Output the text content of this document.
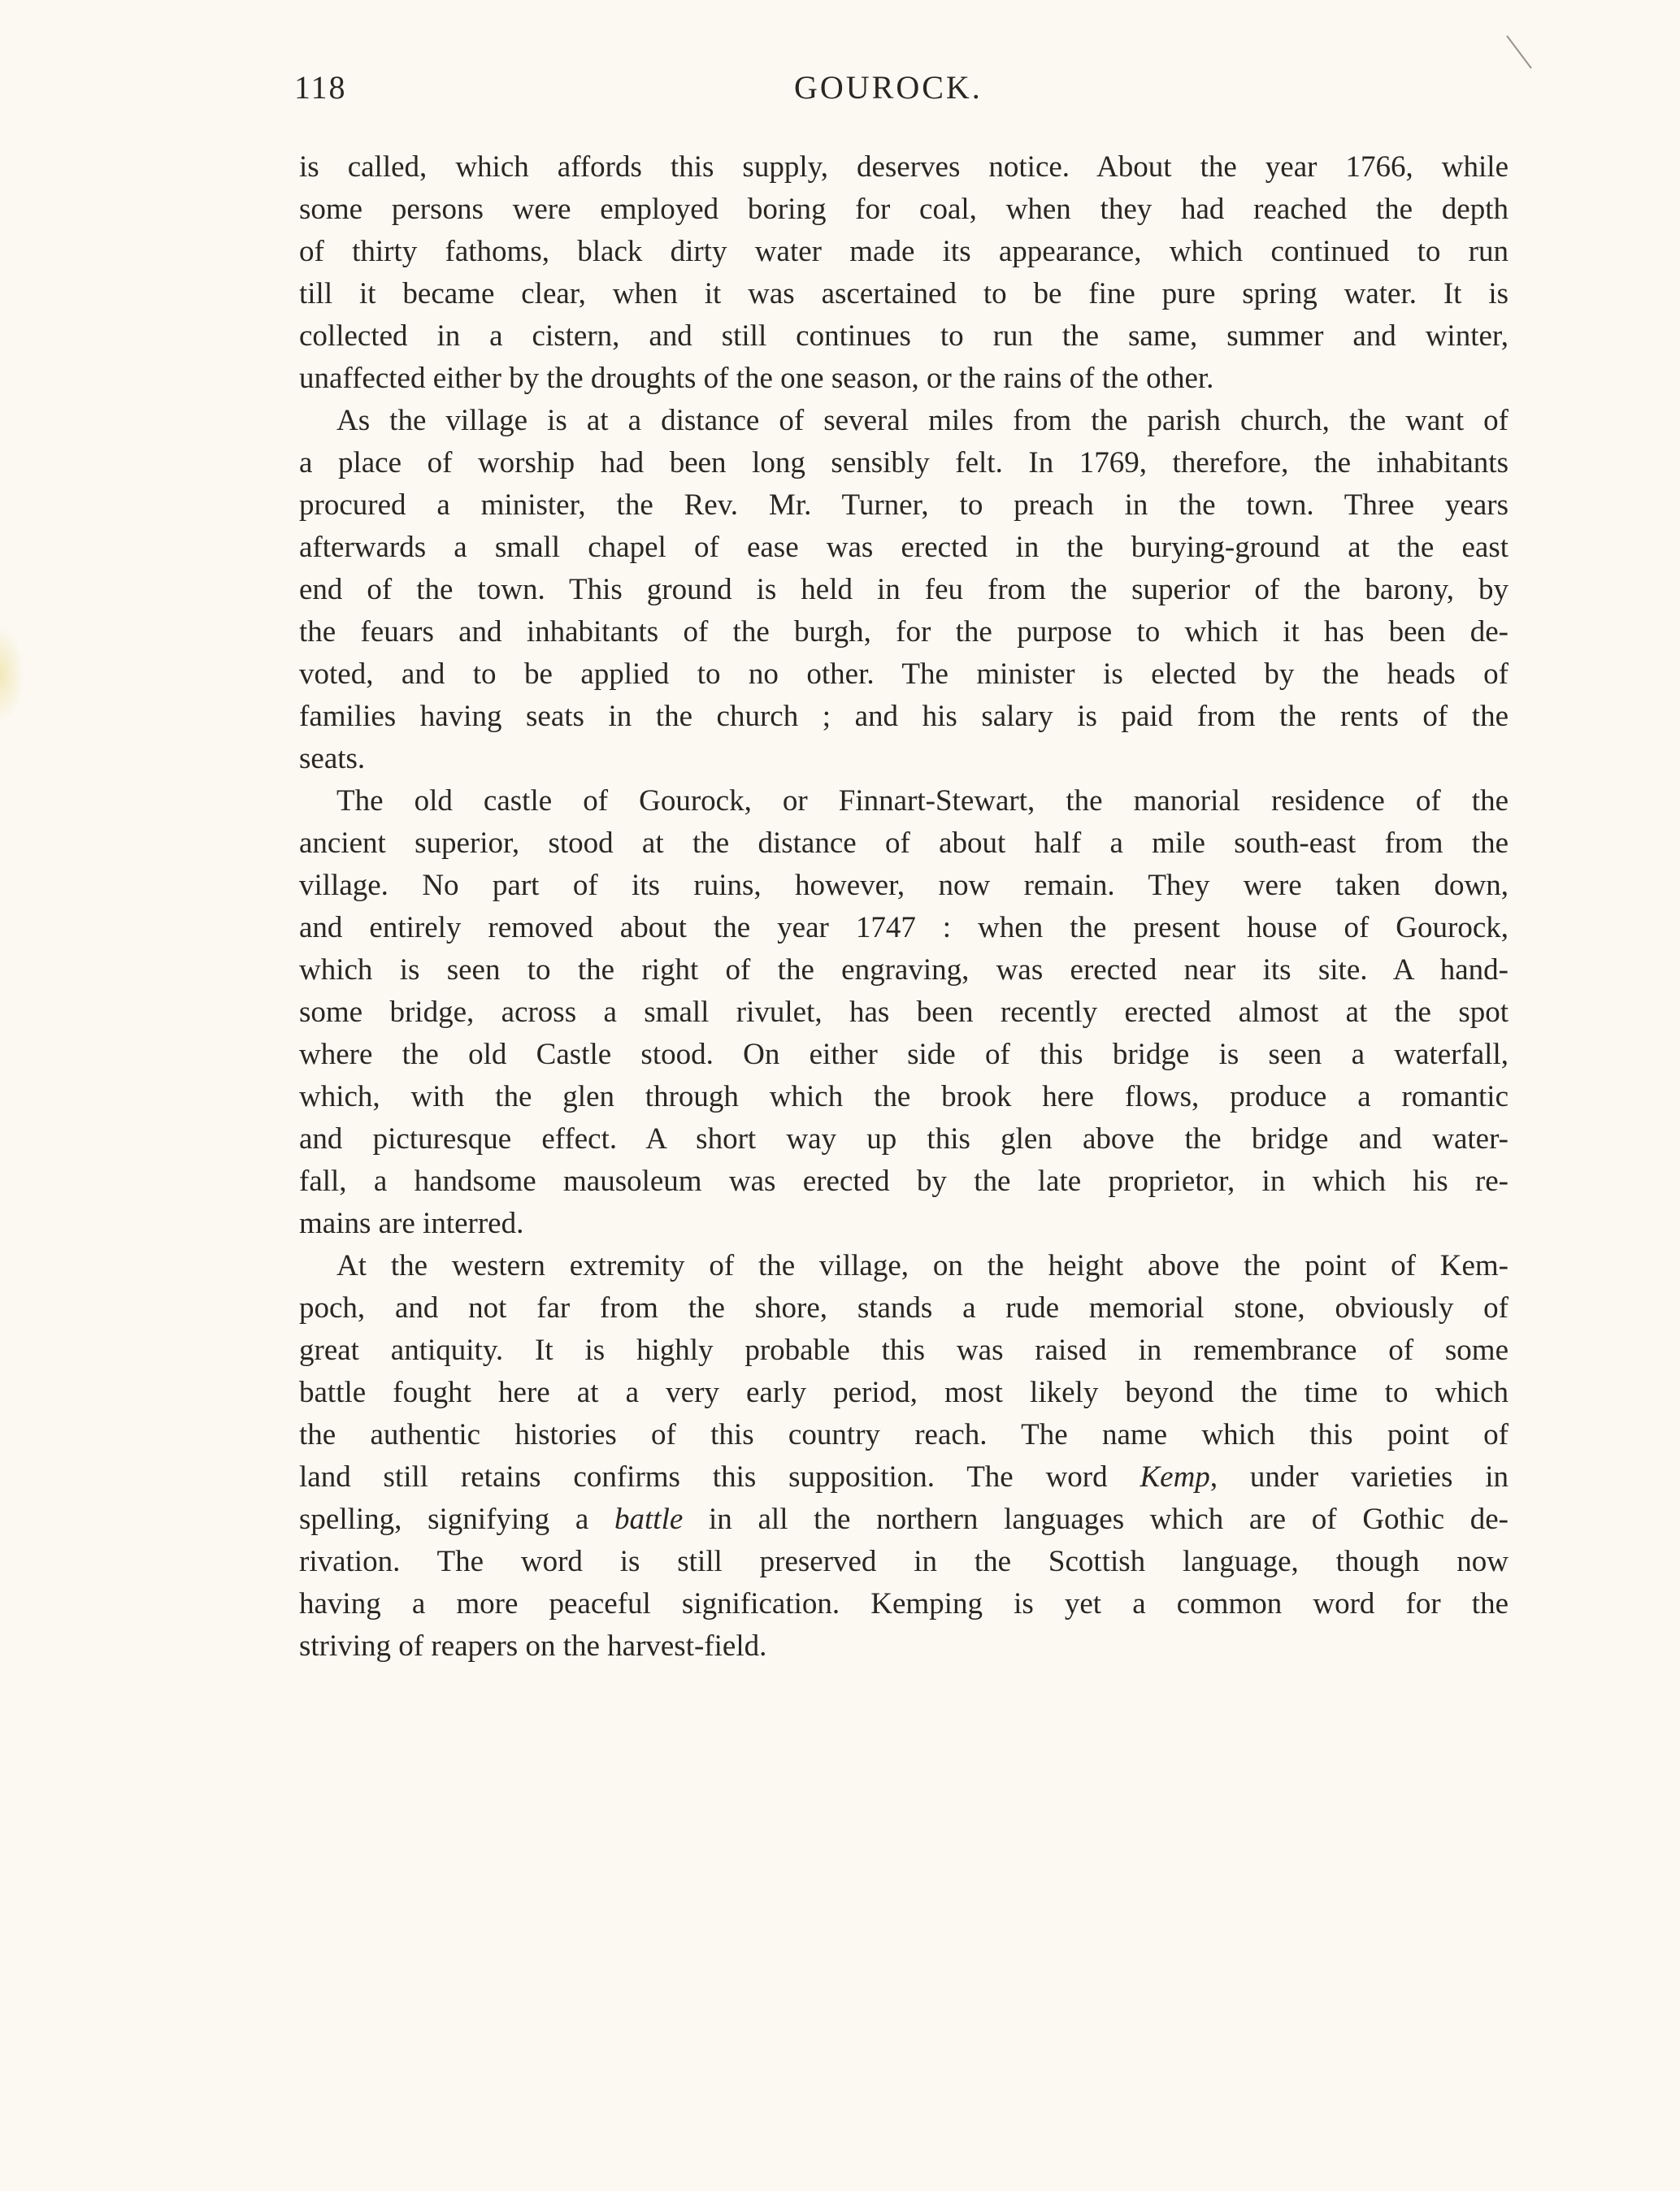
118	GOUROCK.

is called, which affords this supply, deserves notice. About the year 1766, while
some persons were employed boring for coal, when they had reached the depth
of thirty fathoms, black dirty water made its appearance, which continued to run
till it became clear, when it was ascertained to be fine pure spring water. It is
collected in a cistern, and still continues to run the same, summer and winter,
unaffected either by the droughts of the one season, or the rains of the other.

As the village is at a distance of several miles from the parish church, the want of
a place of worship had been long sensibly felt. In 1769, therefore, the inhabitants
procured a minister, the Rev. Mr. Turner, to preach in the town. Three years
afterwards a small chapel of ease was erected in the burying-ground at the east
end of the town. This ground is held in feu from the superior of the barony, by
the feuars and inhabitants of the burgh, for the purpose to which it has been de-
voted, and to be applied to no other. The minister is elected by the heads of
families having seats in the church ; and his salary is paid from the rents of the
seats.

The old castle of Gourock, or Finnart-Stewart, the manorial residence of the
ancient superior, stood at the distance of about half a mile south-east from the
village. No part of its ruins, however, now remain. They were taken down,
and entirely removed about the year 1747 : when the present house of Gourock,
which is seen to the right of the engraving, was erected near its site. A hand-
some bridge, across a small rivulet, has been recently erected almost at the spot
where the old Castle stood. On either side of this bridge is seen a waterfall,
which, with the glen through which the brook here flows, produce a romantic
and picturesque effect. A short way up this glen above the bridge and water-
fall, a handsome mausoleum was erected by the late proprietor, in which his re-
mains are interred.

At the western extremity of the village, on the height above the point of Kem-
poch, and not far from the shore, stands a rude memorial stone, obviously of
great antiquity. It is highly probable this was raised in remembrance of some
battle fought here at a very early period, most likely beyond the time to which
the authentic histories of this country reach. The name which this point of
land still retains confirms this supposition. The word Kemp, under varieties in
spelling, signifying a battle in all the northern languages which are of Gothic de-
rivation. The word is still preserved in the Scottish language, though now
having a more peaceful signification. Kemping is yet a common word for the
striving of reapers on the harvest-field.
